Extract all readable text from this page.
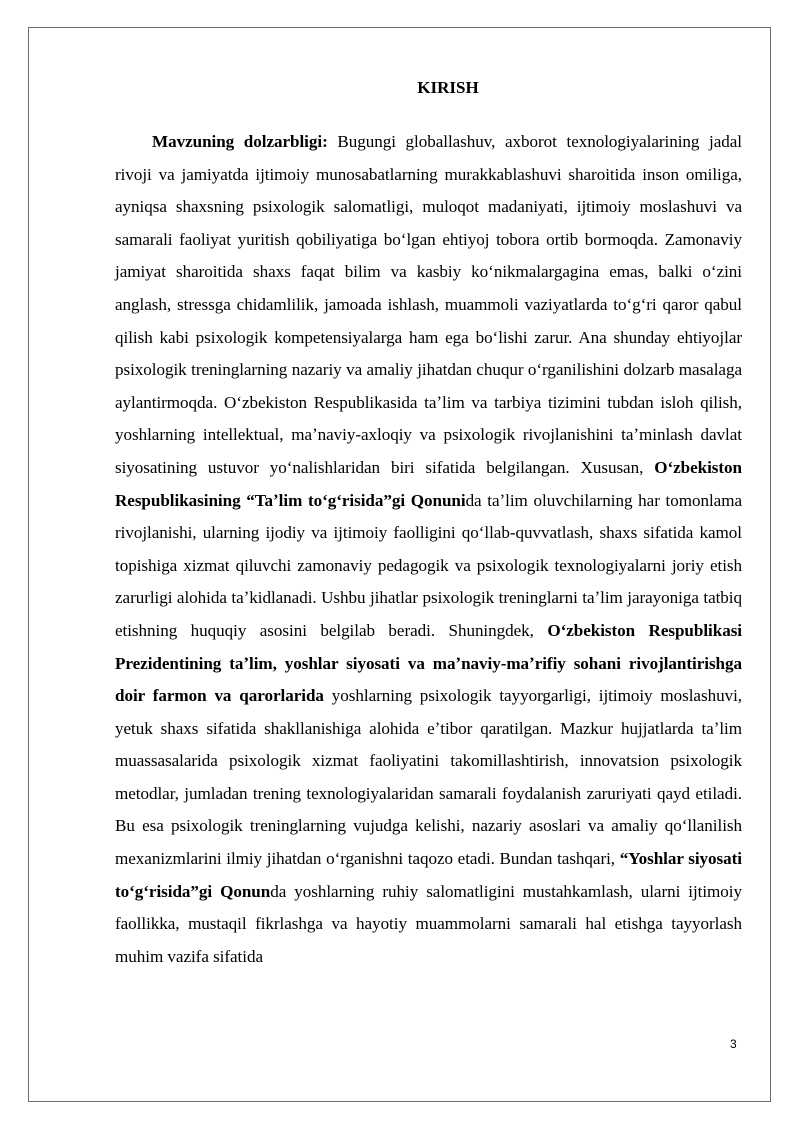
KIRISH

Mavzuning dolzarbligi: Bugungi globallashuv, axborot texnologiyalarining jadal rivoji va jamiyatda ijtimoiy munosabatlarning murakkablashuvi sharoitida inson omiliga, ayniqsa shaxsning psixologik salomatligi, muloqot madaniyati, ijtimoiy moslashuvi va samarali faoliyat yuritish qobiliyatiga boʻlgan ehtiyoj tobora ortib bormoqda. Zamonaviy jamiyat sharoitida shaxs faqat bilim va kasbiy koʻnikmalargagina emas, balki oʻzini anglash, stressga chidamlilik, jamoada ishlash, muammoli vaziyatlarda toʻgʻri qaror qabul qilish kabi psixologik kompetensiyalarga ham ega boʻlishi zarur. Ana shunday ehtiyojlar psixologik treninglarning nazariy va amaliy jihatdan chuqur oʻrganilishini dolzarb masalaga aylantirmoqda. Oʻzbekiston Respublikasida taʼlim va tarbiya tizimini tubdan isloh qilish, yoshlarning intellektual, maʼnaviy-axloqiy va psixologik rivojlanishini taʼminlash davlat siyosatining ustuvor yoʻnalishlaridan biri sifatida belgilangan. Xususan, Oʻzbekiston Respublikasining “Taʼlim toʻgʻrisida”gi Qonunida taʼlim oluvchilarning har tomonlama rivojlanishi, ularning ijodiy va ijtimoiy faolligini qoʻllab-quvvatlash, shaxs sifatida kamol topishiga xizmat qiluvchi zamonaviy pedagogik va psixologik texnologiyalarni joriy etish zarurligi alohida taʼkidlanadi. Ushbu jihatlar psixologik treninglarni taʼlim jarayoniga tatbiq etishning huquqiy asosini belgilab beradi. Shuningdek, Oʻzbekiston Respublikasi Prezidentining taʼlim, yoshlar siyosati va maʼnaviy-maʼrifiy sohani rivojlantirishga doir farmon va qarorlarida yoshlarning psixologik tayyorgarligi, ijtimoiy moslashuvi, yetuk shaxs sifatida shakllanishiga alohida eʼtibor qaratilgan. Mazkur hujjatlarda taʼlim muassasalarida psixologik xizmat faoliyatini takomillashtirish, innovatsion psixologik metodlar, jumladan trening texnologiyalaridan samarali foydalanish zaruriyati qayd etiladi. Bu esa psixologik treninglarning vujudga kelishi, nazariy asoslari va amaliy qoʻllanilish mexanizmlarini ilmiy jihatdan oʻrganishni taqozo etadi. Bundan tashqari, “Yoshlar siyosati toʻgʻrisida”gi Qonunda yoshlarning ruhiy salomatligini mustahkamlash, ularni ijtimoiy faollikka, mustaqil fikrlashga va hayotiy muammolarni samarali hal etishga tayyorlash muhim vazifa sifatida

3
